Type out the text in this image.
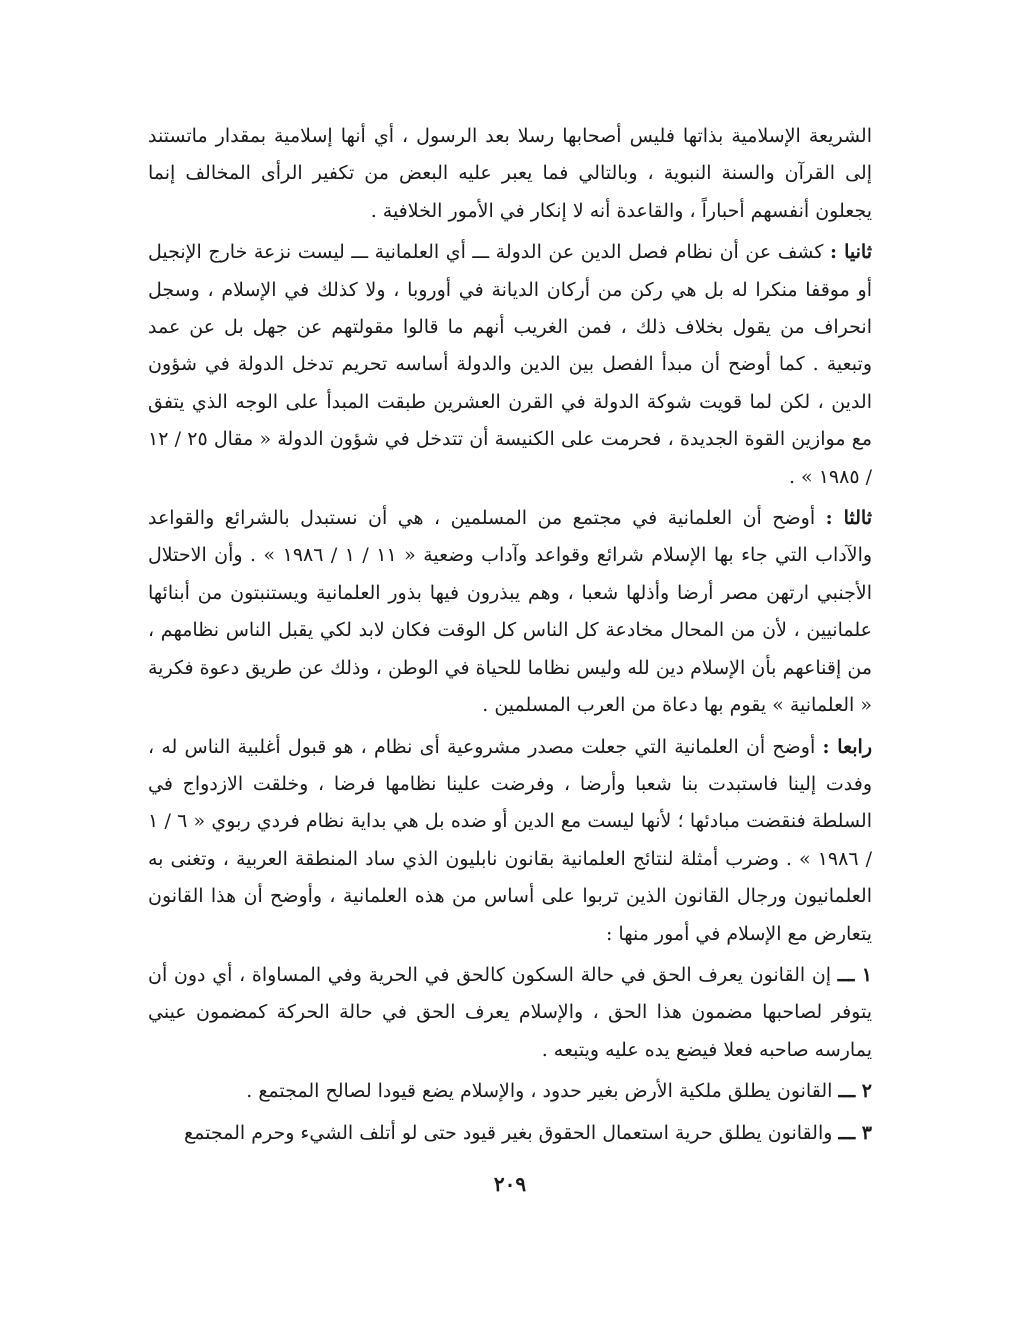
الشريعة الإسلامية بذاتها فليس أصحابها رسلا بعد الرسول ، أي أنها إسلامية بمقدار ماتستند إلى القرآن والسنة النبوية ، وبالتالي فما يعبر عليه البعض من تكفير الرأى المخالف إنما يجعلون أنفسهم أحباراً ، والقاعدة أنه لا إنكار في الأمور الخلافية .

ثانيا : كشف عن أن نظام فصل الدين عن الدولة ـــ أي العلمانية ـــ ليست نزعة خارج الإنجيل أو موقفا منكرا له بل هي ركن من أركان الديانة في أوروبا ، ولا كذلك في الإسلام ، وسجل انحراف من يقول بخلاف ذلك ، فمن الغريب أنهم ما قالوا مقولتهم عن جهل بل عن عمد وتبعية . كما أوضح أن مبدأ الفصل بين الدين والدولة أساسه تحريم تدخل الدولة في شؤون الدين ، لكن لما قويت شوكة الدولة في القرن العشرين طبقت المبدأ على الوجه الذي يتفق مع موازين القوة الجديدة ، فحرمت على الكنيسة أن تتدخل في شؤون الدولة « مقال ٢٥ / ١٢ / ١٩٨٥ » .

ثالثا : أوضح أن العلمانية في مجتمع من المسلمين ، هي أن نستبدل بالشرائع والقواعد والآداب التي جاء بها الإسلام شرائع وقواعد وآداب وضعية « ١١ / ١ / ١٩٨٦ » . وأن الاحتلال الأجنبي ارتهن مصر أرضا وأذلها شعبا ، وهم يبذرون فيها بذور العلمانية ويستنبتون من أبنائها علمانيين ، لأن من المحال مخادعة كل الناس كل الوقت فكان لابد لكي يقبل الناس نظامهم ، من إقناعهم بأن الإسلام دين لله وليس نظاما للحياة في الوطن ، وذلك عن طريق دعوة فكرية « العلمانية » يقوم بها دعاة من العرب المسلمين .

رابعا : أوضح أن العلمانية التي جعلت مصدر مشروعية أى نظام ، هو قبول أغلبية الناس له ، وفدت إلينا فاستبدت بنا شعبا وأرضا ، وفرضت علينا نظامها فرضا ، وخلقت الازدواج في السلطة فنقضت مبادئها ؛ لأنها ليست مع الدين أو ضده بل هي بداية نظام فردي ربوي « ٦ / ١ / ١٩٨٦ » . وضرب أمثلة لنتائج العلمانية بقانون نابليون الذي ساد المنطقة العربية ، وتغنى به العلمانيون ورجال القانون الذين تربوا على أساس من هذه العلمانية ، وأوضح أن هذا القانون يتعارض مع الإسلام في أمور منها :

١ ـــ إن القانون يعرف الحق في حالة السكون كالحق في الحرية وفي المساواة ، أي دون أن يتوفر لصاحبها مضمون هذا الحق ، والإسلام يعرف الحق في حالة الحركة كمضمون عيني يمارسه صاحبه فعلا فيضع يده عليه ويتبعه .

٢ ـــ القانون يطلق ملكية الأرض بغير حدود ، والإسلام يضع قيودا لصالح المجتمع .

٣ ـــ والقانون يطلق حرية استعمال الحقوق بغير قيود حتى لو أتلف الشيء وحرم المجتمع

٢٠٩
